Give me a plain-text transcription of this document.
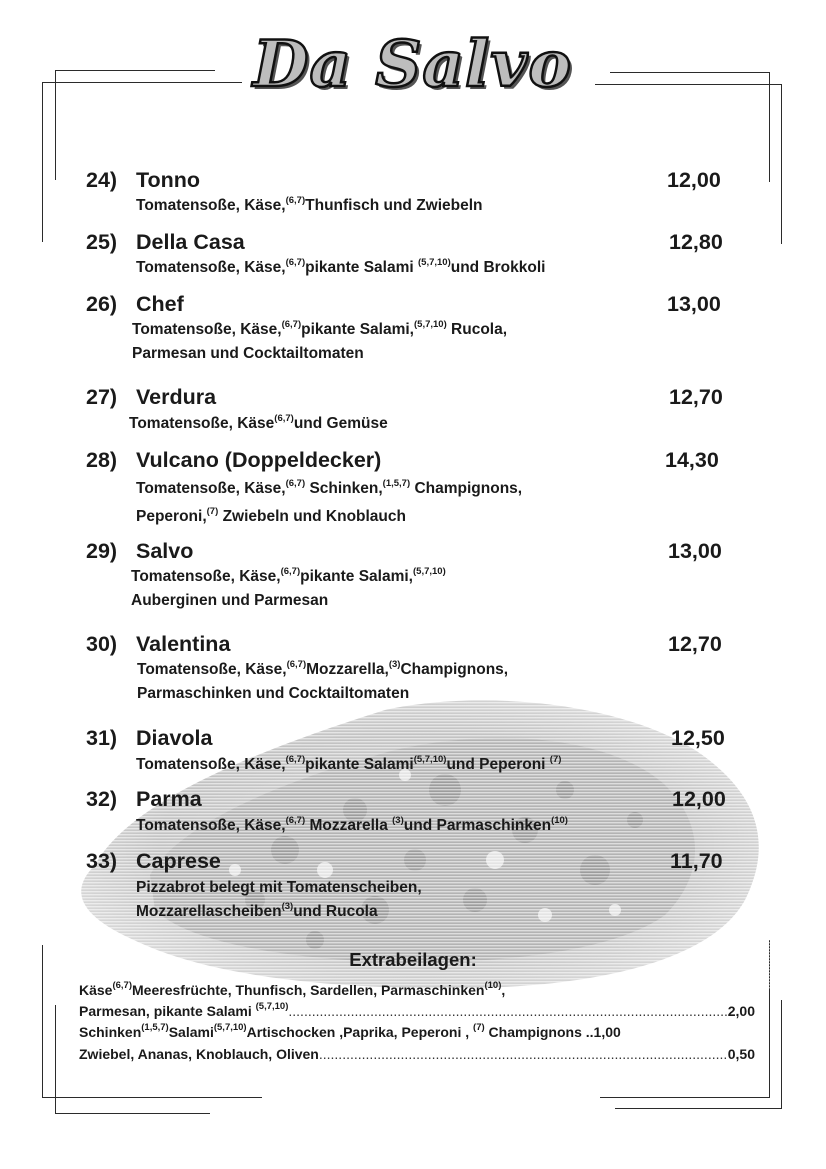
Da Salvo
24) Tonno	12,00
Tomatensoße, Käse,$^{(6,7)}$Thunfisch und Zwiebeln
25) Della Casa	12,80
Tomatensoße, Käse,$^{(6,7)}$pikante Salami $^{(5,7,10)}$und Brokkoli
26) Chef	13,00
Tomatensoße, Käse,$^{(6,7)}$pikante Salami,$^{(5,7,10)}$ Rucola,
Parmesan und Cocktailtomaten
27) Verdura	12,70
Tomatensoße, Käse$^{(6,7)}$und Gemüse
28) Vulcano (Doppeldecker)	14,30
Tomatensoße, Käse,$^{(6,7)}$ Schinken,$^{(1,5,7)}$ Champignons,
Peperoni,$^{(7)}$ Zwiebeln und Knoblauch
29) Salvo	13,00
Tomatensoße, Käse,$^{(6,7)}$pikante Salami,$^{(5,7,10)}$
Auberginen und Parmesan
30) Valentina	12,70
Tomatensoße, Käse,$^{(6,7)}$Mozzarella,$^{(3)}$Champignons,
Parmaschinken und Cocktailtomaten
31) Diavola	12,50
Tomatensoße, Käse,$^{(6,7)}$pikante Salami$^{(5,7,10)}$und Peperoni $^{(7)}$
32) Parma	12,00
Tomatensoße, Käse,$^{(6,7)}$ Mozzarella $^{(3)}$und Parmaschinken$^{(10)}$
33) Caprese	11,70
Pizzabrot belegt mit Tomatenscheiben,
Mozzarellascheiben$^{(3)}$und Rucola
Extrabeilagen:
Käse$^{(6,7)}$Meeresfrüchte, Thunfisch, Sardellen, Parmaschinken$^{(10)}$,
Parmesan, pikante Salami $^{(5,7,10)}$ .....	2,00
Schinken$^{(1,5,7)}$Salami$^{(5,7,10)}$Artischocken ,Paprika, Peperoni , $^{(7)}$ Champignons .. 1,00
Zwiebel, Ananas, Knoblauch, Oliven .....	0,50
